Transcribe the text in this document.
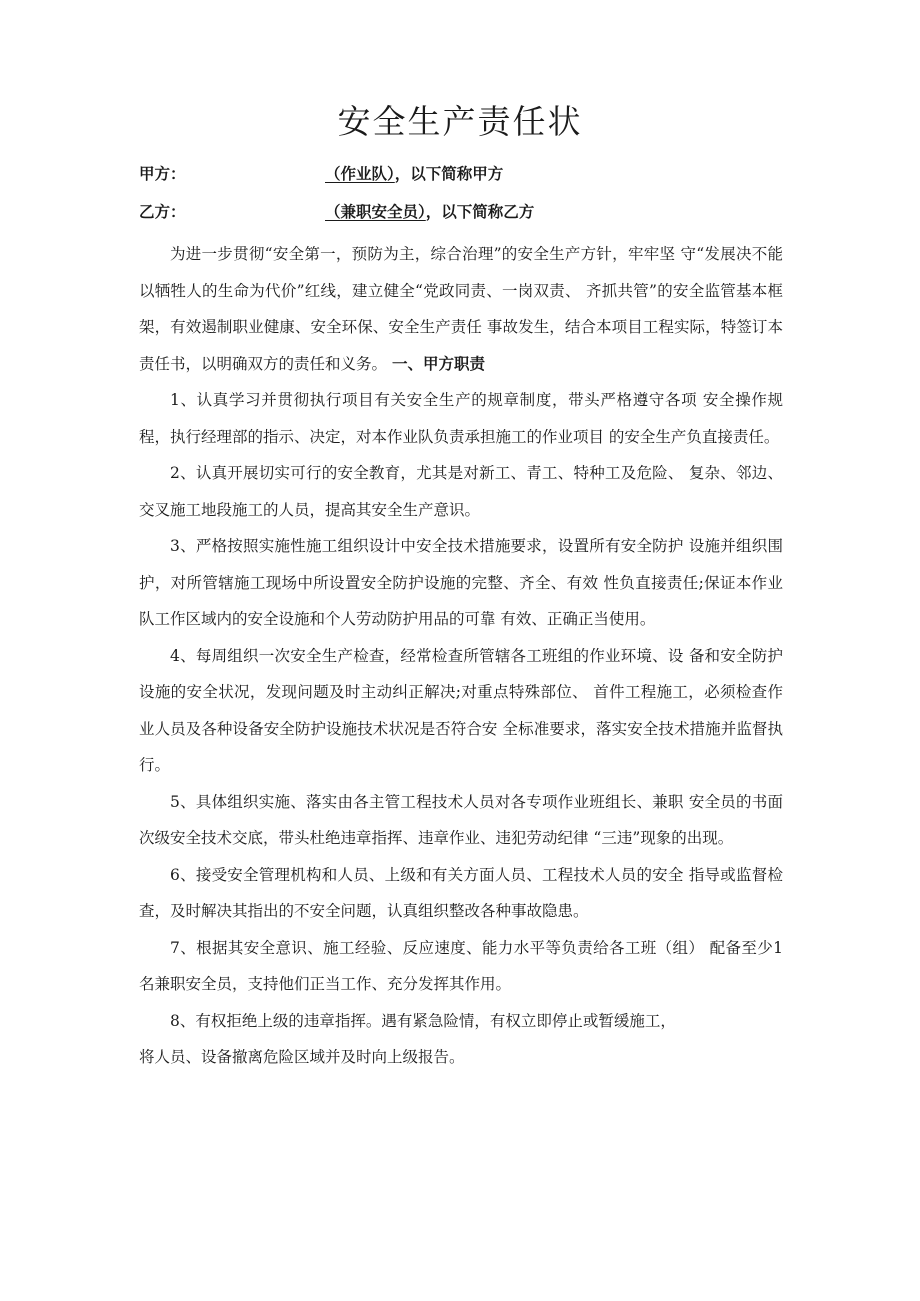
安全生产责任状
甲方：	（作业队），以下简称甲方
乙方：	（兼职安全员），以下简称乙方

为进一步贯彻“安全第一，预防为主，综合治理”的安全生产方针，牢牢坚 守“发展决不能以牺牲人的生命为代价”红线，建立健全“党政同责、一岗双责、 齐抓共管”的安全监管基本框架，有效遏制职业健康、安全环保、安全生产责任 事故发生，结合本项目工程实际，特签订本责任书，以明确双方的责任和义务。 一、甲方职责

1、认真学习并贯彻执行项目有关安全生产的规章制度，带头严格遵守各项 安全操作规程，执行经理部的指示、决定，对本作业队负责承担施工的作业项目 的安全生产负直接责任。

2、认真开展切实可行的安全教育，尤其是对新工、青工、特种工及危险、 复杂、邻边、交叉施工地段施工的人员，提高其安全生产意识。

3、严格按照实施性施工组织设计中安全技术措施要求，设置所有安全防护 设施并组织围护，对所管辖施工现场中所设置安全防护设施的完整、齐全、有效 性负直接责任;保证本作业队工作区域内的安全设施和个人劳动防护用品的可靠 有效、正确正当使用。

4、每周组织一次安全生产检查，经常检查所管辖各工班组的作业环境、设 备和安全防护设施的安全状况，发现问题及时主动纠正解决;对重点特殊部位、 首件工程施工，必须检查作业人员及各种设备安全防护设施技术状况是否符合安 全标准要求，落实安全技术措施并监督执行。

5、具体组织实施、落实由各主管工程技术人员对各专项作业班组长、兼职 安全员的书面次级安全技术交底，带头杜绝违章指挥、违章作业、违犯劳动纪律 “三违”现象的出现。

6、接受安全管理机构和人员、上级和有关方面人员、工程技术人员的安全 指导或监督检查，及时解决其指出的不安全问题，认真组织整改各种事故隐患。

7、根据其安全意识、施工经验、反应速度、能力水平等负责给各工班（组） 配备至少1名兼职安全员，支持他们正当工作、充分发挥其作用。

8、有权拒绝上级的违章指挥。遇有紧急险情，有权立即停止或暂缓施工，

将人员、设备撤离危险区域并及时向上级报告。
